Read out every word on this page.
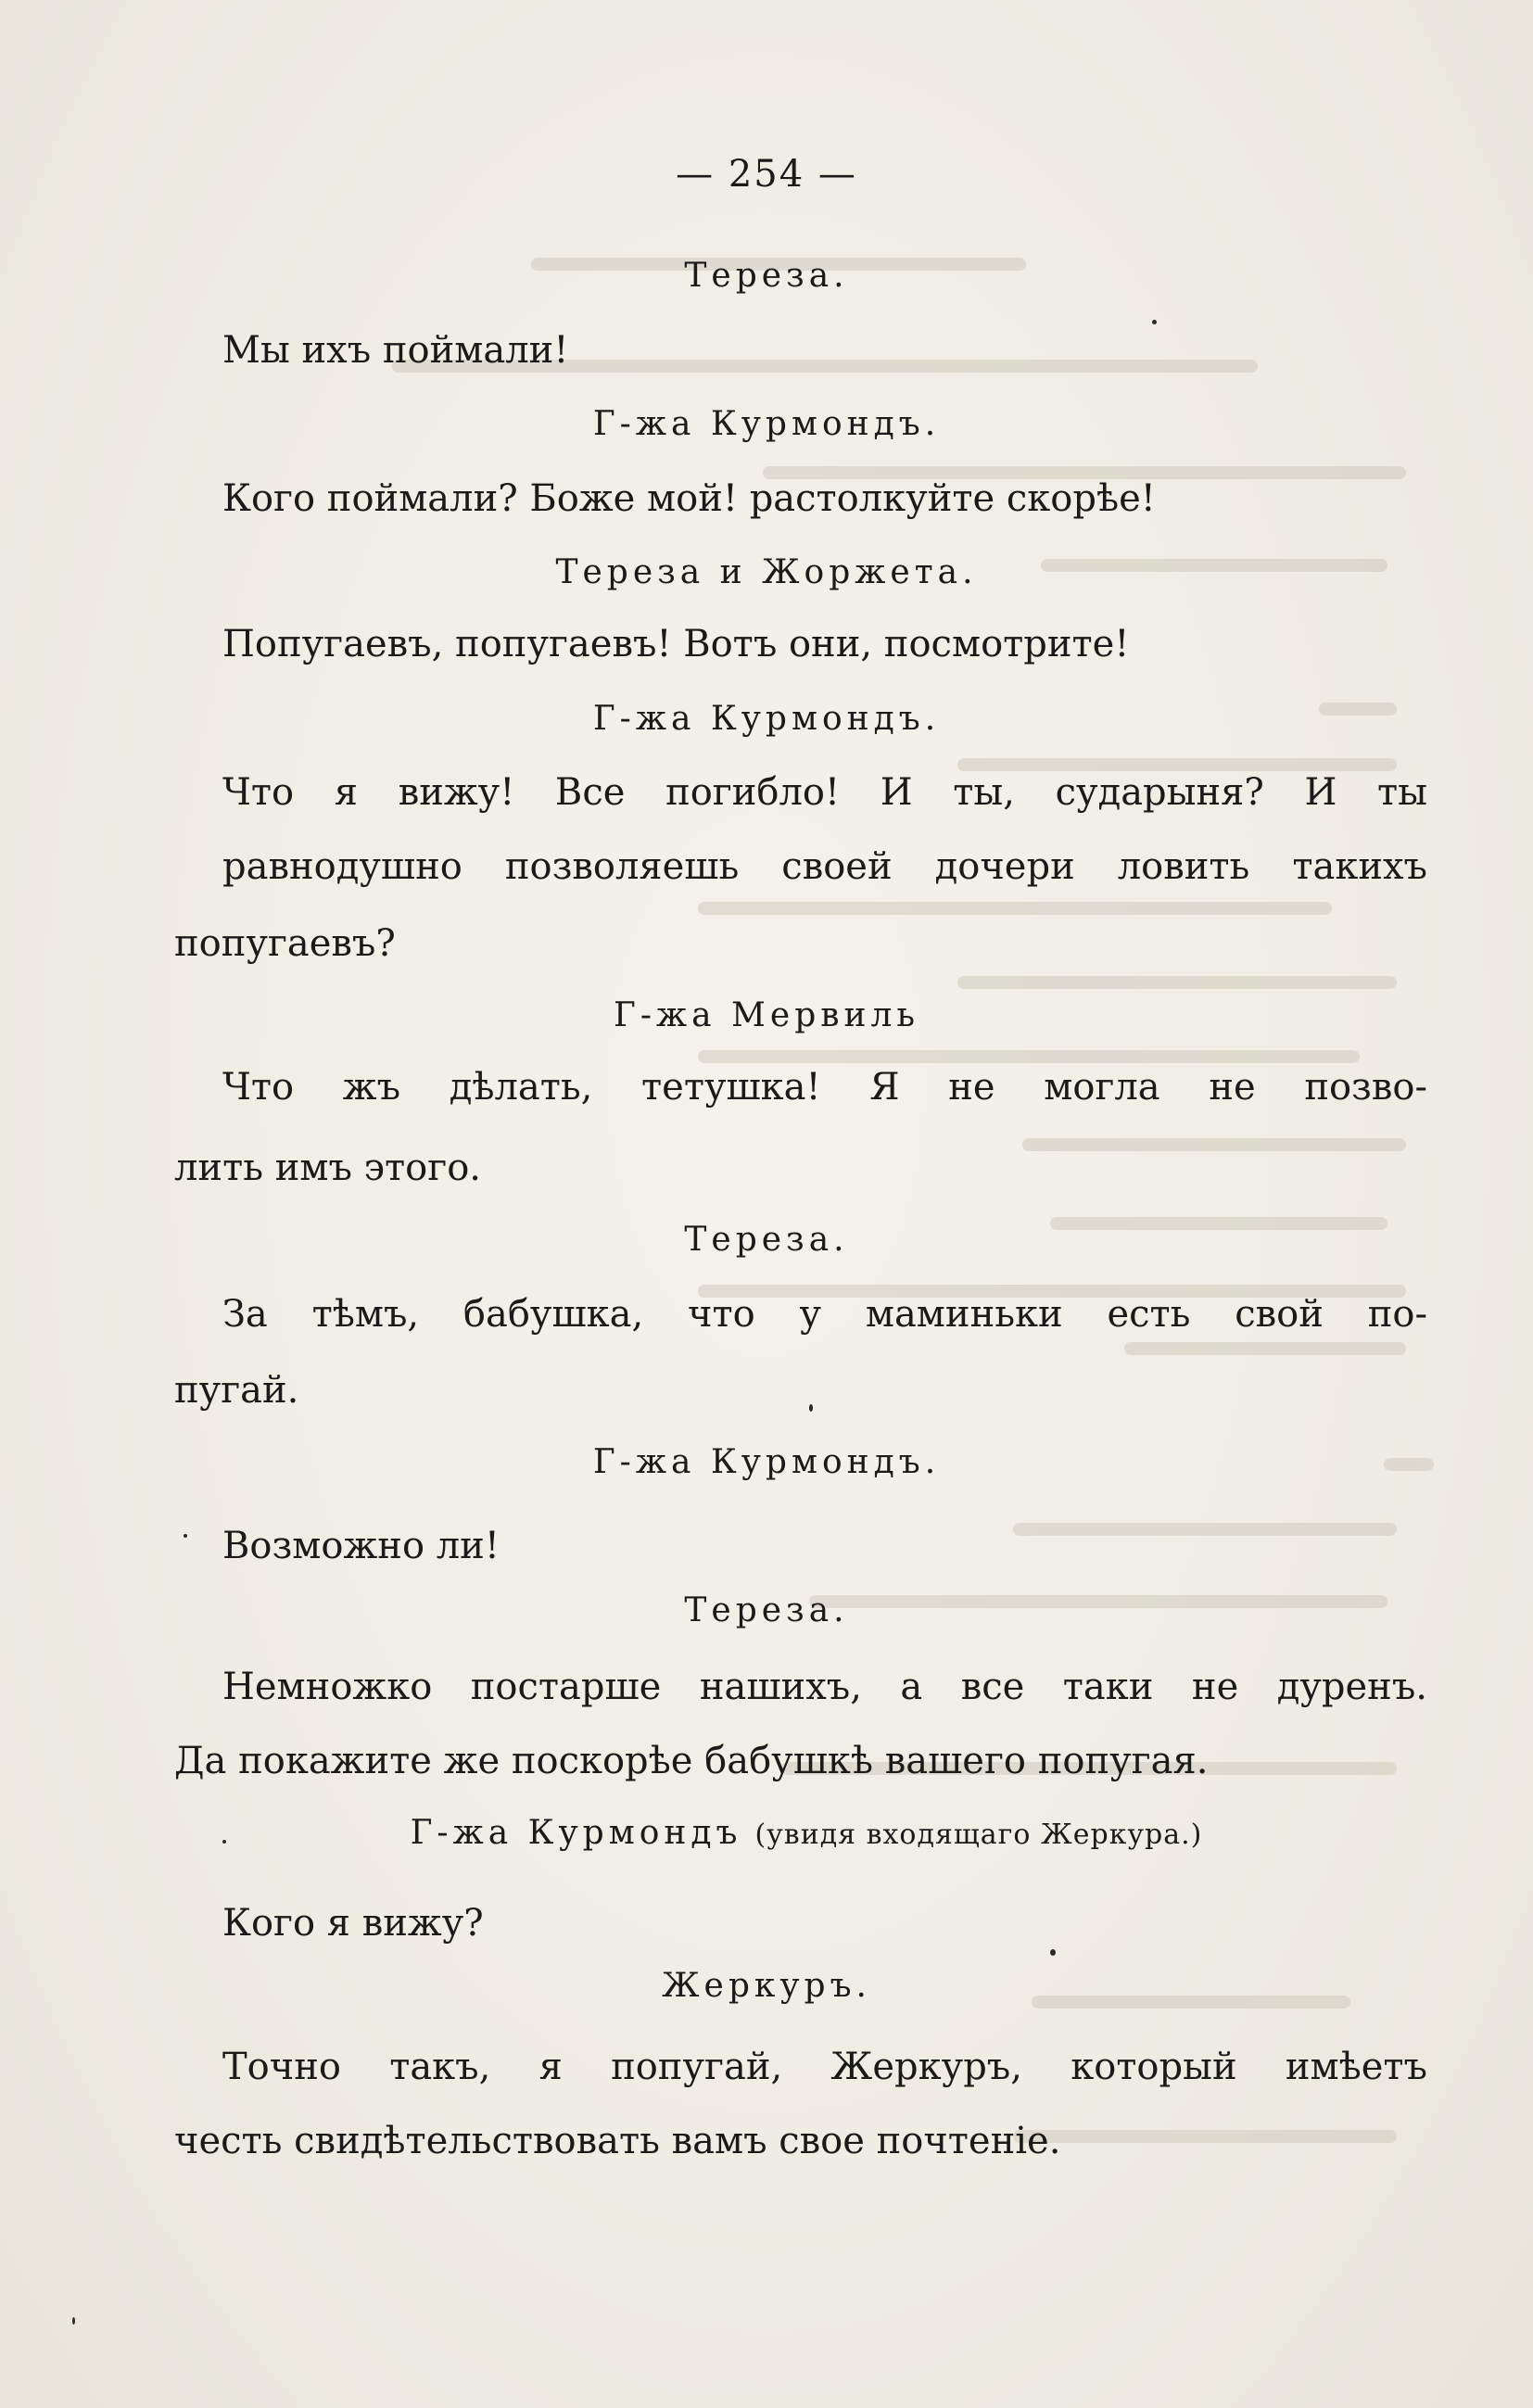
— 254 —
Тереза.
Мы ихъ поймали!
Г-жа Курмондъ.
Кого поймали? Боже мой! растолкуйте скорѣе!
Тереза и Жоржета.
Попугаевъ, попугаевъ! Вотъ они, посмотрите!
Г-жа Курмондъ.
Что я вижу! Все погибло! И ты, сударыня? И ты
равнодушно позволяешь своей дочери ловить такихъ
попугаевъ?
Г-жа Мервиль
Что жъ дѣлать, тетушка! Я не могла не позво-
лить имъ этого.
Тереза.
За тѣмъ, бабушка, что у маминьки есть свой по-
пугай.
Г-жа Курмондъ.
Возможно ли!
Тереза.
Немножко постарше нашихъ, а все таки не дуренъ.
Да покажите же поскорѣе бабушкѣ вашего попугая.
Г-жа Курмондъ (увидя входящаго Жеркура.)
Кого я вижу?
Жеркуръ.
Точно такъ, я попугай, Жеркуръ, который имѣетъ
честь свидѣтельствовать вамъ свое почтеніе.
